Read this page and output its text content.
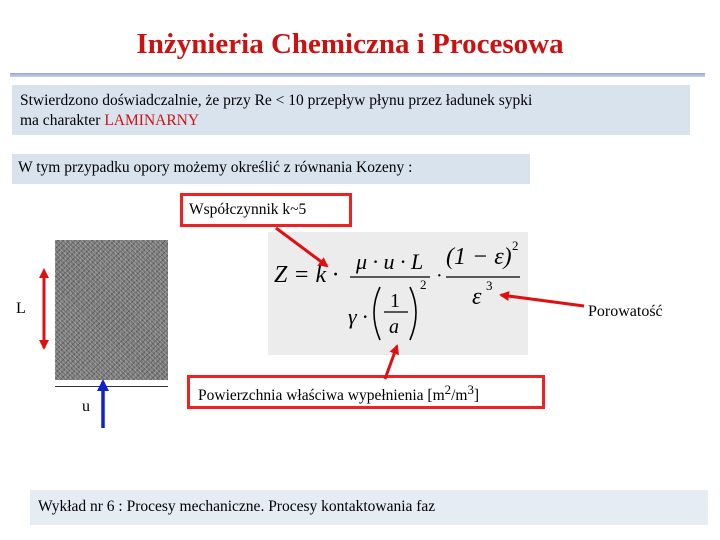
Inżynieria Chemiczna i Procesowa
Stwierdzono doświadczalnie, że przy Re < 10 przepływ płynu przez ładunek sypki
ma charakter LAMINARNY
W tym przypadku opory możemy określić z równania Kozeny :
Współczynnik k~5
Z = k ·
μ · u · L
γ ·
1
a
2 ·
(1 − ε) 2
ε 3
L	Porowatość
u
Powierzchnia właściwa wypełnienia $[m^2/m^3]$
Wykład nr 6 : Procesy mechaniczne. Procesy kontaktowania faz
